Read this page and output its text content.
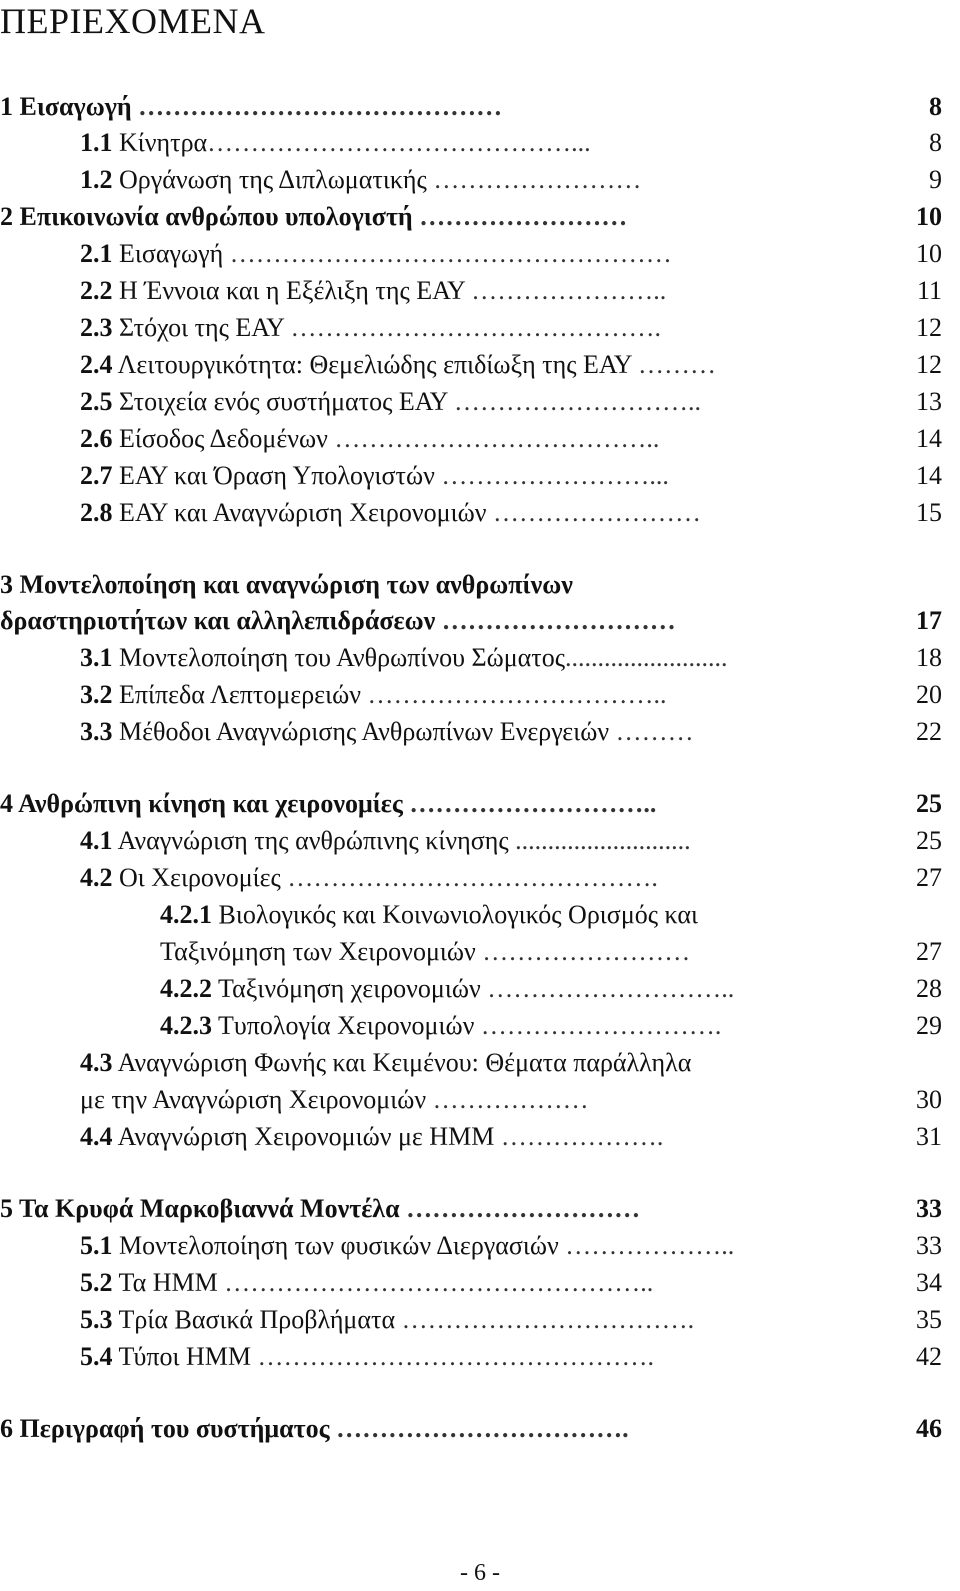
ΠΕΡΙΕΧΟΜΕΝΑ
1 Εισαγωγή ……………………………………	8
1.1 Κίνητρα……………………………………...	8
1.2 Οργάνωση της Διπλωματικής ……………………	9
2 Επικοινωνία ανθρώπου υπολογιστή ……………………	10
2.1 Εισαγωγή ……………………………………………	10
2.2 Η Έννοια και η Εξέλιξη της ΕΑΥ …………………..	11
2.3 Στόχοι της ΕΑΥ …………………………………….	12
2.4 Λειτουργικότητα: Θεμελιώδης επιδίωξη της ΕΑΥ ………	12
2.5 Στοιχεία ενός συστήματος ΕΑΥ ………………………..	13
2.6 Είσοδος Δεδομένων ………………………………..	14
2.7 ΕΑΥ και Όραση Υπολογιστών ……………………...	14
2.8 ΕΑΥ και Αναγνώριση Χειρονομιών ……………………	15
3 Μοντελοποίηση και αναγνώριση των ανθρωπίνων
δραστηριοτήτων και αλληλεπιδράσεων ………………………	17
3.1 Μοντελοποίηση του Ανθρωπίνου Σώματος.........................	18
3.2 Επίπεδα Λεπτομερειών ……………………………..	20
3.3 Μέθοδοι Αναγνώρισης Ανθρωπίνων Ενεργειών ………	22
4 Ανθρώπινη κίνηση και χειρονομίες ………………………..	25
4.1 Αναγνώριση της ανθρώπινης κίνησης ...........................	25
4.2 Οι Χειρονομίες …………………………………….	27
4.2.1 Βιολογικός και Κοινωνιολογικός Ορισμός και
Ταξινόμηση των Χειρονομιών ……………………	27
4.2.2 Ταξινόμηση χειρονομιών ………………………..	28
4.2.3 Τυπολογία Χειρονομιών ……………………….	29
4.3 Αναγνώριση Φωνής και Κειμένου: Θέματα παράλληλα
με την Αναγνώριση Χειρονομιών ………………	30
4.4 Αναγνώριση Χειρονομιών με ΗΜΜ ……………….	31
5 Τα Κρυφά Μαρκοβιαννά Μοντέλα ………………………	33
5.1 Μοντελοποίηση των φυσικών Διεργασιών ………………..	33
5.2 Τα ΗΜΜ …………………………………………..	34
5.3 Τρία Βασικά Προβλήματα …………………………….	35
5.4 Τύποι ΗΜΜ ……………………………………….	42
6 Περιγραφή του συστήματος …………………………….	46
- 6 -
